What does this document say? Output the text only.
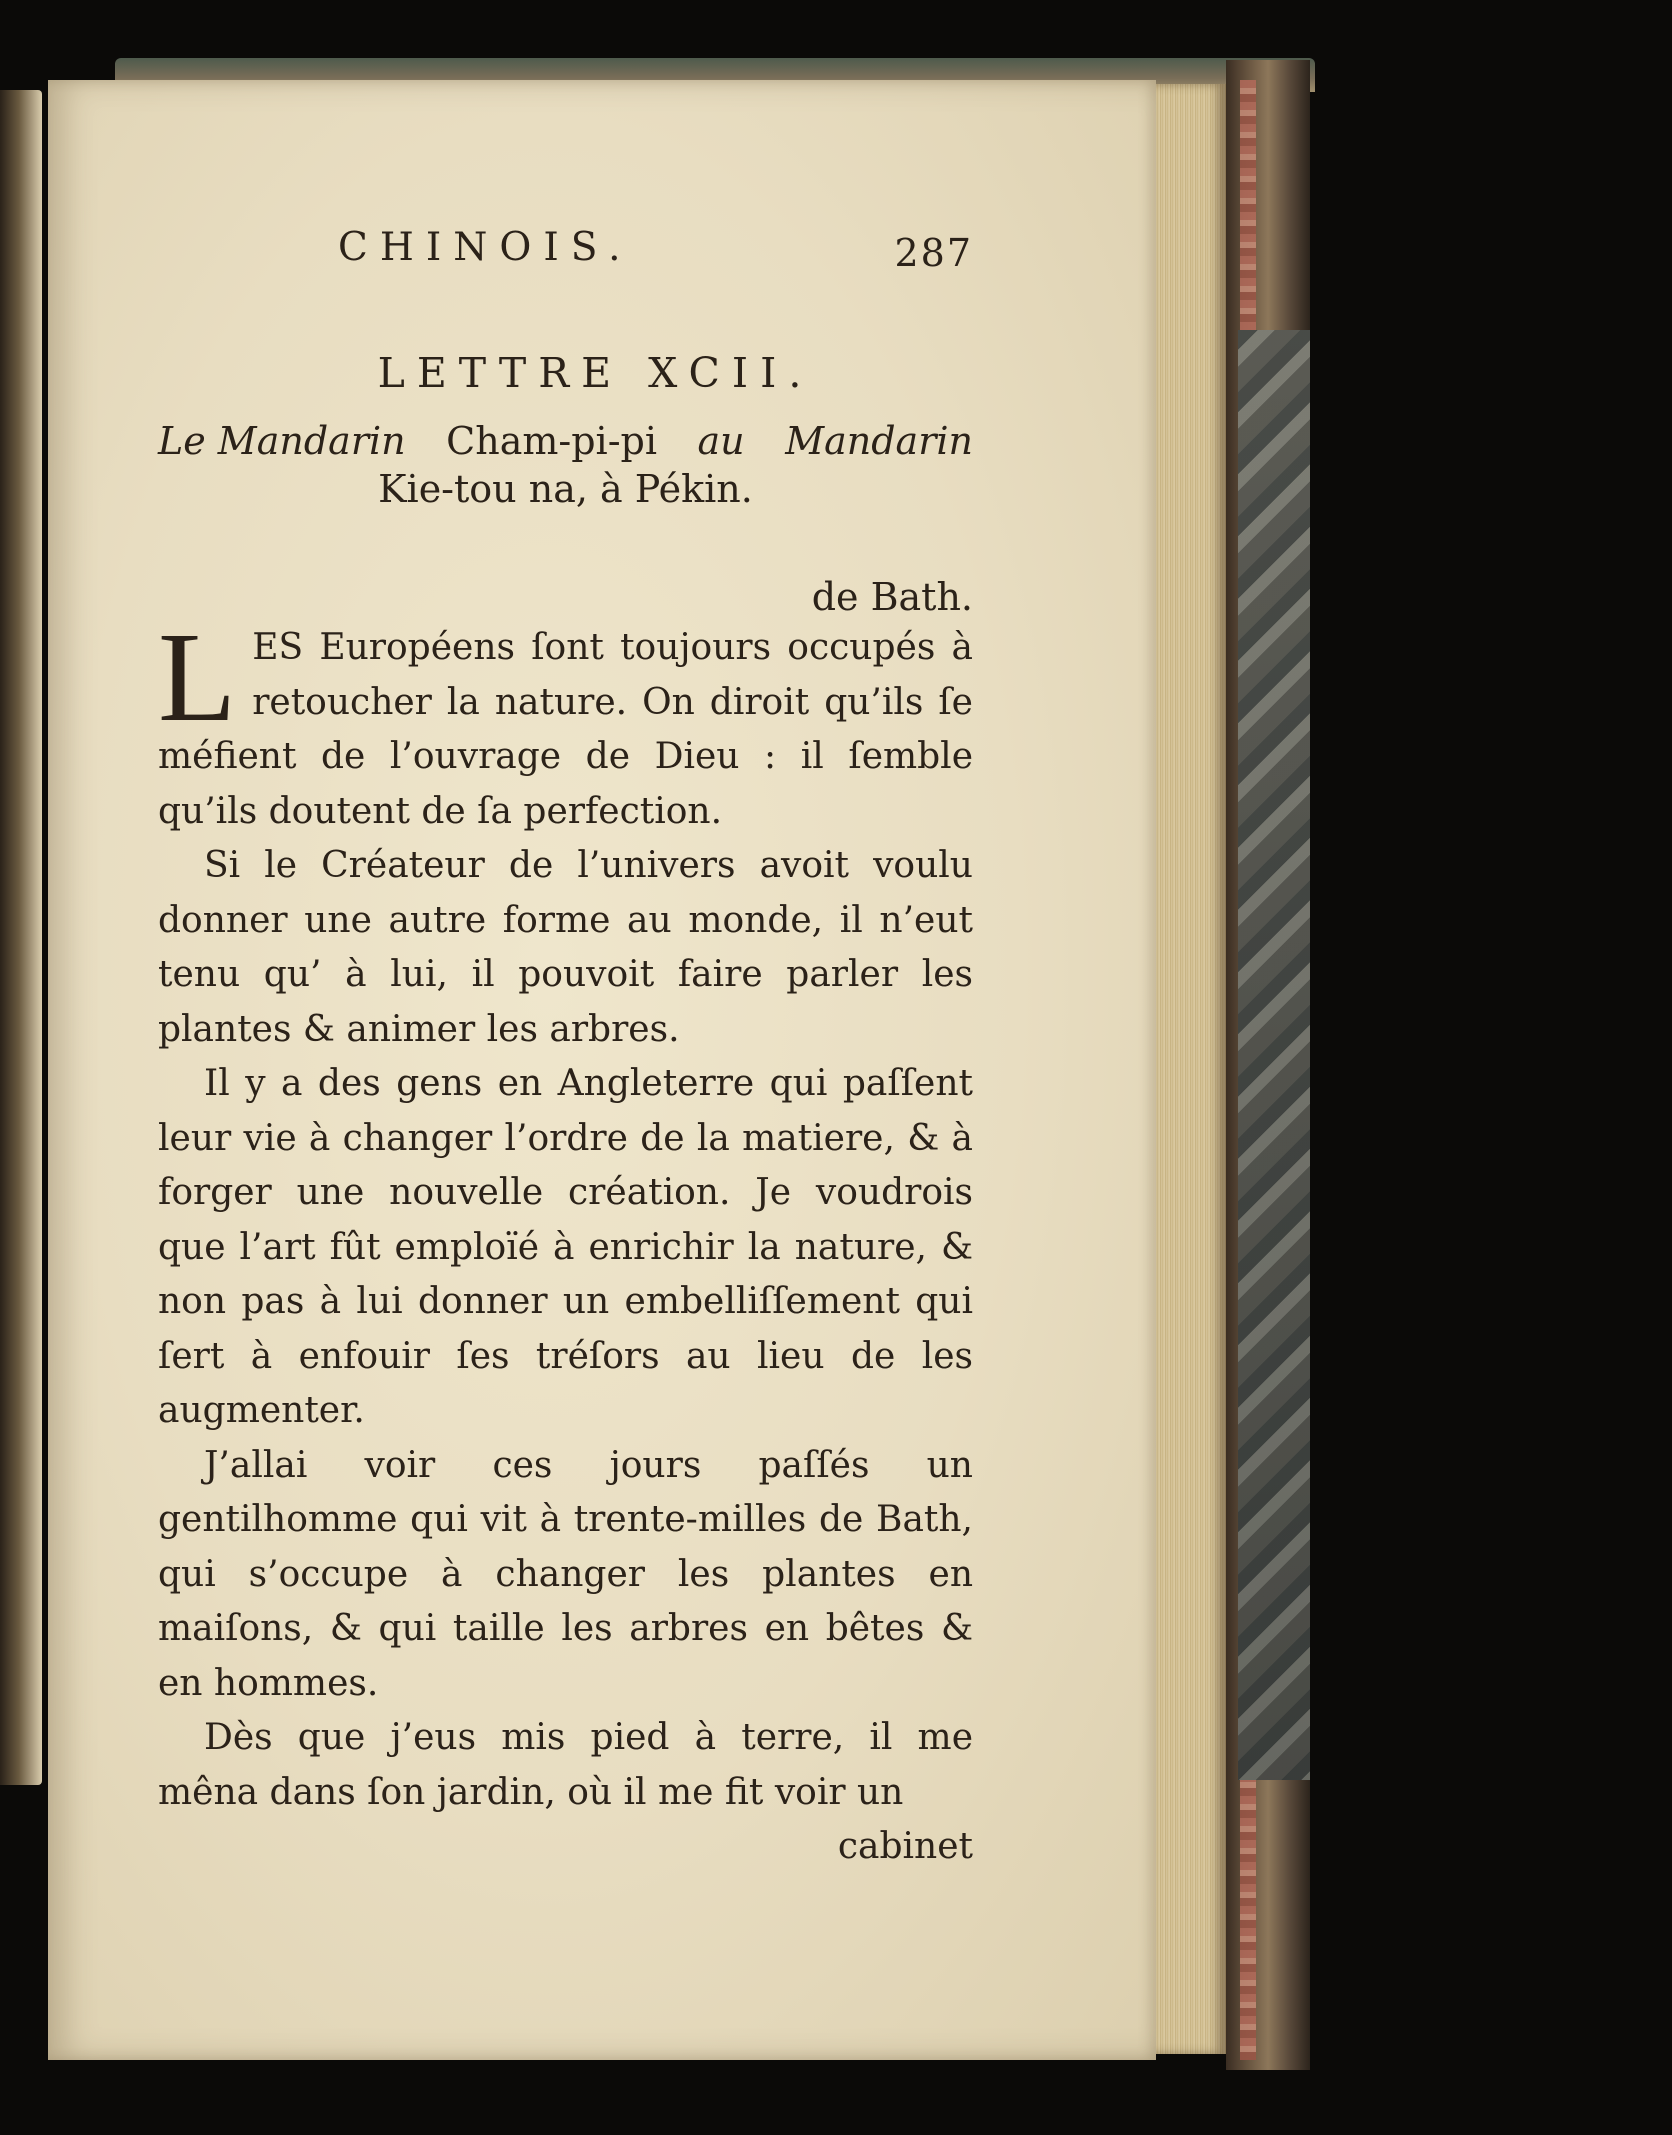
CHINOIS.	287
LETTRE XCII.
Le Mandarin Cham-pi-pi au Mandarin
Kie-tou na, à Pékin.
de Bath.

LES Européens ſont toujours occupés à retoucher la nature. On diroit qu’ils ſe méfient de l’ouvrage de Dieu : il ſemble qu’ils doutent de ſa perfection.

Si le Créateur de l’univers avoit voulu donner une autre forme au monde, il n’eut tenu qu’ à lui, il pouvoit faire parler les plantes & animer les arbres.

Il y a des gens en Angleterre qui paſſent leur vie à changer l’ordre de la matiere, & à forger une nouvelle création. Je voudrois que l’art fût emploïé à enrichir la nature, & non pas à lui donner un embelliſſement qui ſert à enfouir ſes tréſors au lieu de les augmenter.

J’allai voir ces jours paſſés un gentilhomme qui vit à trente-milles de Bath, qui s’occupe à changer les plantes en maiſons, & qui taille les arbres en bêtes & en hommes.

Dès que j’eus mis pied à terre, il me mêna dans ſon jardin, où il me fit voir un

cabinet
